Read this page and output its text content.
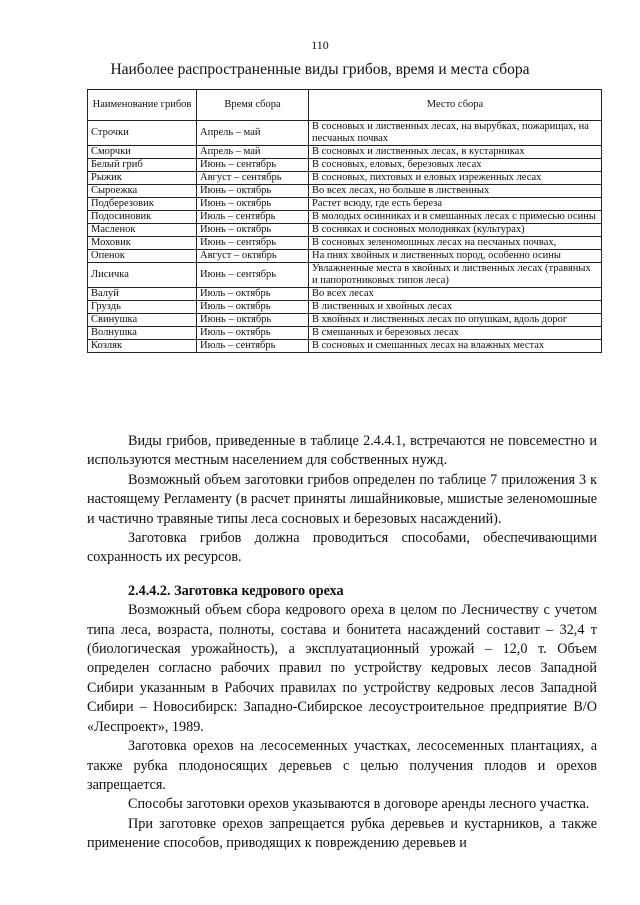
110
Наиболее распространенные виды грибов, время и места сбора
Наименование грибов	Время сбора	Место сбора
Строчки	Апрель – май	В сосновых и лиственных лесах, на вырубках, пожарищах, на песчаных почвах
Сморчки	Апрель – май	В сосновых и лиственных лесах, в кустарниках
Белый гриб	Июнь – сентябрь	В сосновых, еловых, березовых лесах
Рыжик	Август – сентябрь	В сосновых, пихтовых и еловых изреженных лесах
Сыроежка	Июнь – октябрь	Во всех лесах, но больше в лиственных
Подберезовик	Июнь – октябрь	Растет всюду, где есть береза
Подосиновик	Июль – сентябрь	В молодых осинниках и в смешанных лесах с примесью осины
Масленок	Июнь – октябрь	В сосняках и сосновых молодняках (культурах)
Моховик	Июнь – сентябрь	В сосновых зеленомошных лесах на песчаных почвах,
Опенок	Август – октябрь	На пнях хвойных и лиственных пород, особенно осины
Лисичка	Июнь – сентябрь	Увлажненные места в хвойных и лиственных лесах (травяных и папоротниковых типов леса)
Валуй	Июль – октябрь	Во всех лесах
Груздь	Июль – октябрь	В лиственных и хвойных лесах
Свинушка	Июнь – октябрь	В хвойных и лиственных лесах по опушкам, вдоль дорог
Волнушка	Июль – октябрь	В смешанных и березовых лесах
Козляк	Июль – сентябрь	В сосновых и смешанных лесах на влажных местах

Виды грибов, приведенные в таблице 2.4.4.1, встречаются не повсеместно и используются местным населением для собственных нужд.

Возможный объем заготовки грибов определен по таблице 7 приложения 3 к настоящему Регламенту (в расчет приняты лишайниковые, мшистые зеленомошные и частично травяные типы леса сосновых и березовых насаждений).

Заготовка грибов должна проводиться способами, обеспечивающими сохранность их ресурсов.

2.4.4.2. Заготовка кедрового ореха

Возможный объем сбора кедрового ореха в целом по Лесничеству с учетом типа леса, возраста, полноты, состава и бонитета насаждений составит – 32,4 т (биологическая урожайность), а эксплуатационный урожай – 12,0 т. Объем определен согласно рабочих правил по устройству кедровых лесов Западной Сибири указанным в Рабочих правилах по устройству кедровых лесов Западной Сибири – Новосибирск: Западно-Сибирское лесоустроительное предприятие В/О «Леспроект», 1989.

Заготовка орехов на лесосеменных участках, лесосеменных плантациях, а также рубка плодоносящих деревьев с целью получения плодов и орехов запрещается.

Способы заготовки орехов указываются в договоре аренды лесного участка.

При заготовке орехов запрещается рубка деревьев и кустарников, а также применение способов, приводящих к повреждению деревьев и
